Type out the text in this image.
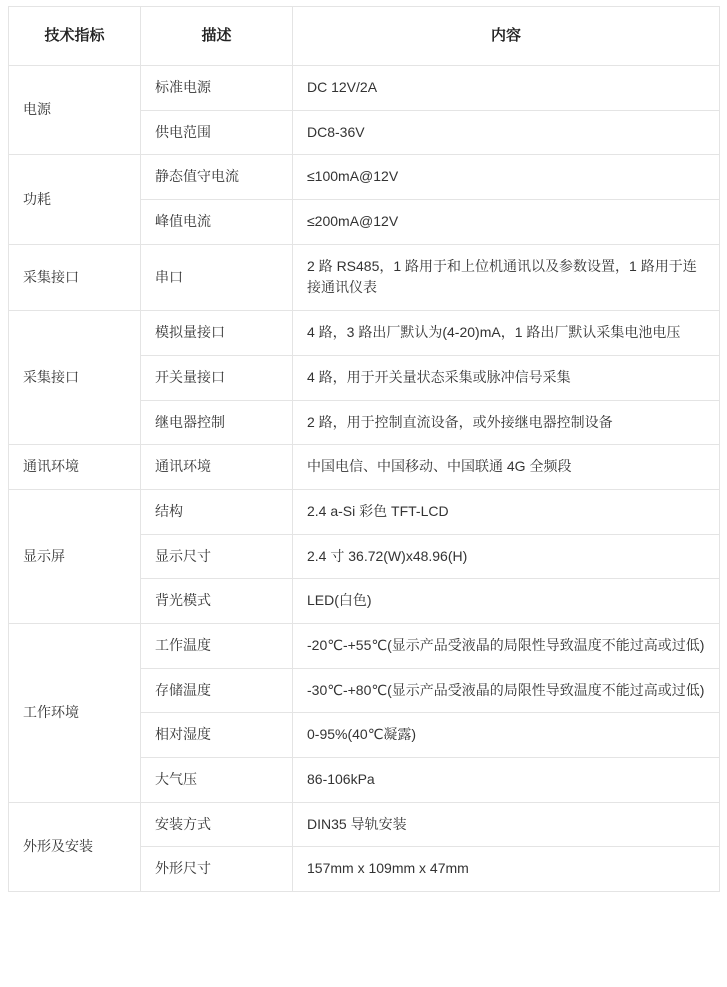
技术指标	描述	内容
电源	标准电源	DC 12V/2A
	供电范围	DC8-36V
功耗	静态值守电流	≤100mA@12V
	峰值电流	≤200mA@12V
采集接口	串口	2 路 RS485，1 路用于和上位机通讯以及参数设置，1 路用于连接通讯仪表
采集接口	模拟量接口	4 路，3 路出厂默认为(4-20)mA，1 路出厂默认采集电池电压
	开关量接口	4 路，用于开关量状态采集或脉冲信号采集
	继电器控制	2 路，用于控制直流设备，或外接继电器控制设备
通讯环境	通讯环境	中国电信、中国移动、中国联通 4G 全频段
显示屏	结构	2.4 a-Si 彩色 TFT-LCD
	显示尺寸	2.4 寸 36.72(W)x48.96(H)
	背光模式	LED(白色)
工作环境	工作温度	-20℃-+55℃(显示产品受液晶的局限性导致温度不能过高或过低)
	存储温度	-30℃-+80℃(显示产品受液晶的局限性导致温度不能过高或过低)
	相对湿度	0-95%(40℃凝露)
	大气压	86-106kPa
外形及安装	安装方式	DIN35 导轨安装
	外形尺寸	157mm x 109mm x 47mm
